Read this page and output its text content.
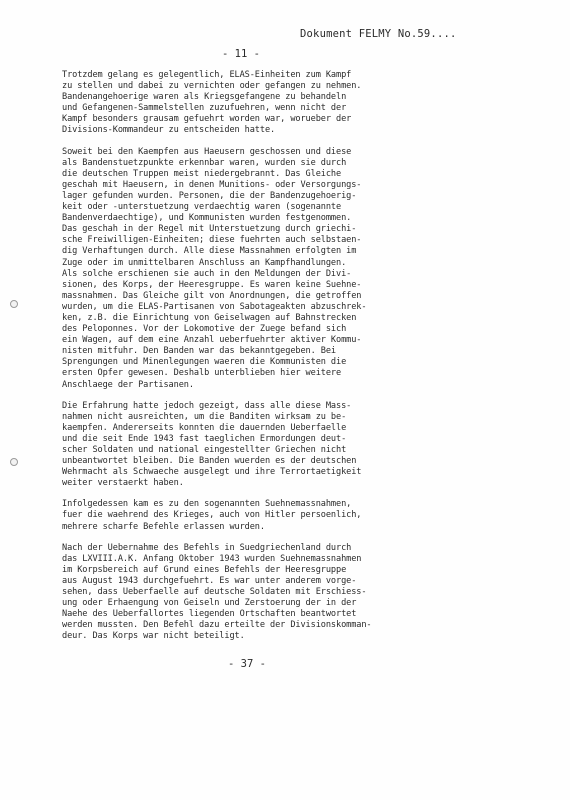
Dokument FELMY No.59....
- 11 -
Trotzdem gelang es gelegentlich, ELAS-Einheiten zum Kampf
zu stellen und dabei zu vernichten oder gefangen zu nehmen.
Bandenangehoerige waren als Kriegsgefangene zu behandeln
und Gefangenen-Sammelstellen zuzufuehren, wenn nicht der
Kampf besonders grausam gefuehrt worden war, worueber der
Divisions-Kommandeur zu entscheiden hatte.
Soweit bei den Kaempfen aus Haeusern geschossen und diese
als Bandenstuetzpunkte erkennbar waren, wurden sie durch
die deutschen Truppen meist niedergebrannt. Das Gleiche
geschah mit Haeusern, in denen Munitions- oder Versorgungs-
lager gefunden wurden. Personen, die der Bandenzugehoerig-
keit oder -unterstuetzung verdaechtig waren (sogenannte
Bandenverdaechtige), und Kommunisten wurden festgenommen.
Das geschah in der Regel mit Unterstuetzung durch griechi-
sche Freiwilligen-Einheiten; diese fuehrten auch selbstaen-
dig Verhaftungen durch. Alle diese Massnahmen erfolgten im
Zuge oder im unmittelbaren Anschluss an Kampfhandlungen.
Als solche erschienen sie auch in den Meldungen der Divi-
sionen, des Korps, der Heeresgruppe. Es waren keine Suehne-
massnahmen. Das Gleiche gilt von Anordnungen, die getroffen
wurden, um die ELAS-Partisanen von Sabotageakten abzuschrek-
ken, z.B. die Einrichtung von Geiselwagen auf Bahnstrecken
des Peloponnes. Vor der Lokomotive der Zuege befand sich
ein Wagen, auf dem eine Anzahl ueberfuehrter aktiver Kommu-
nisten mitfuhr. Den Banden war das bekanntgegeben. Bei
Sprengungen und Minenlegungen waeren die Kommunisten die
ersten Opfer gewesen. Deshalb unterblieben hier weitere
Anschlaege der Partisanen.
Die Erfahrung hatte jedoch gezeigt, dass alle diese Mass-
nahmen nicht ausreichten, um die Banditen wirksam zu be-
kaempfen. Andererseits konnten die dauernden Ueberfaelle
und die seit Ende 1943 fast taeglichen Ermordungen deut-
scher Soldaten und national eingestellter Griechen nicht
unbeantwortet bleiben. Die Banden wuerden es der deutschen
Wehrmacht als Schwaeche ausgelegt und ihre Terrortaetigkeit
weiter verstaerkt haben.
Infolgedessen kam es zu den sogenannten Suehnemassnahmen,
fuer die waehrend des Krieges, auch von Hitler persoenlich,
mehrere scharfe Befehle erlassen wurden.
Nach der Uebernahme des Befehls in Suedgriechenland durch
das LXVIII.A.K. Anfang Oktober 1943 wurden Suehnemassnahmen
im Korpsbereich auf Grund eines Befehls der Heeresgruppe
aus August 1943 durchgefuehrt. Es war unter anderem vorge-
sehen, dass Ueberfaelle auf deutsche Soldaten mit Erschiess-
ung oder Erhaengung von Geiseln und Zerstoerung der in der
Naehe des Ueberfallortes liegenden Ortschaften beantwortet
werden mussten. Den Befehl dazu erteilte der Divisionskomman-
deur. Das Korps war nicht beteiligt.
- 37 -
